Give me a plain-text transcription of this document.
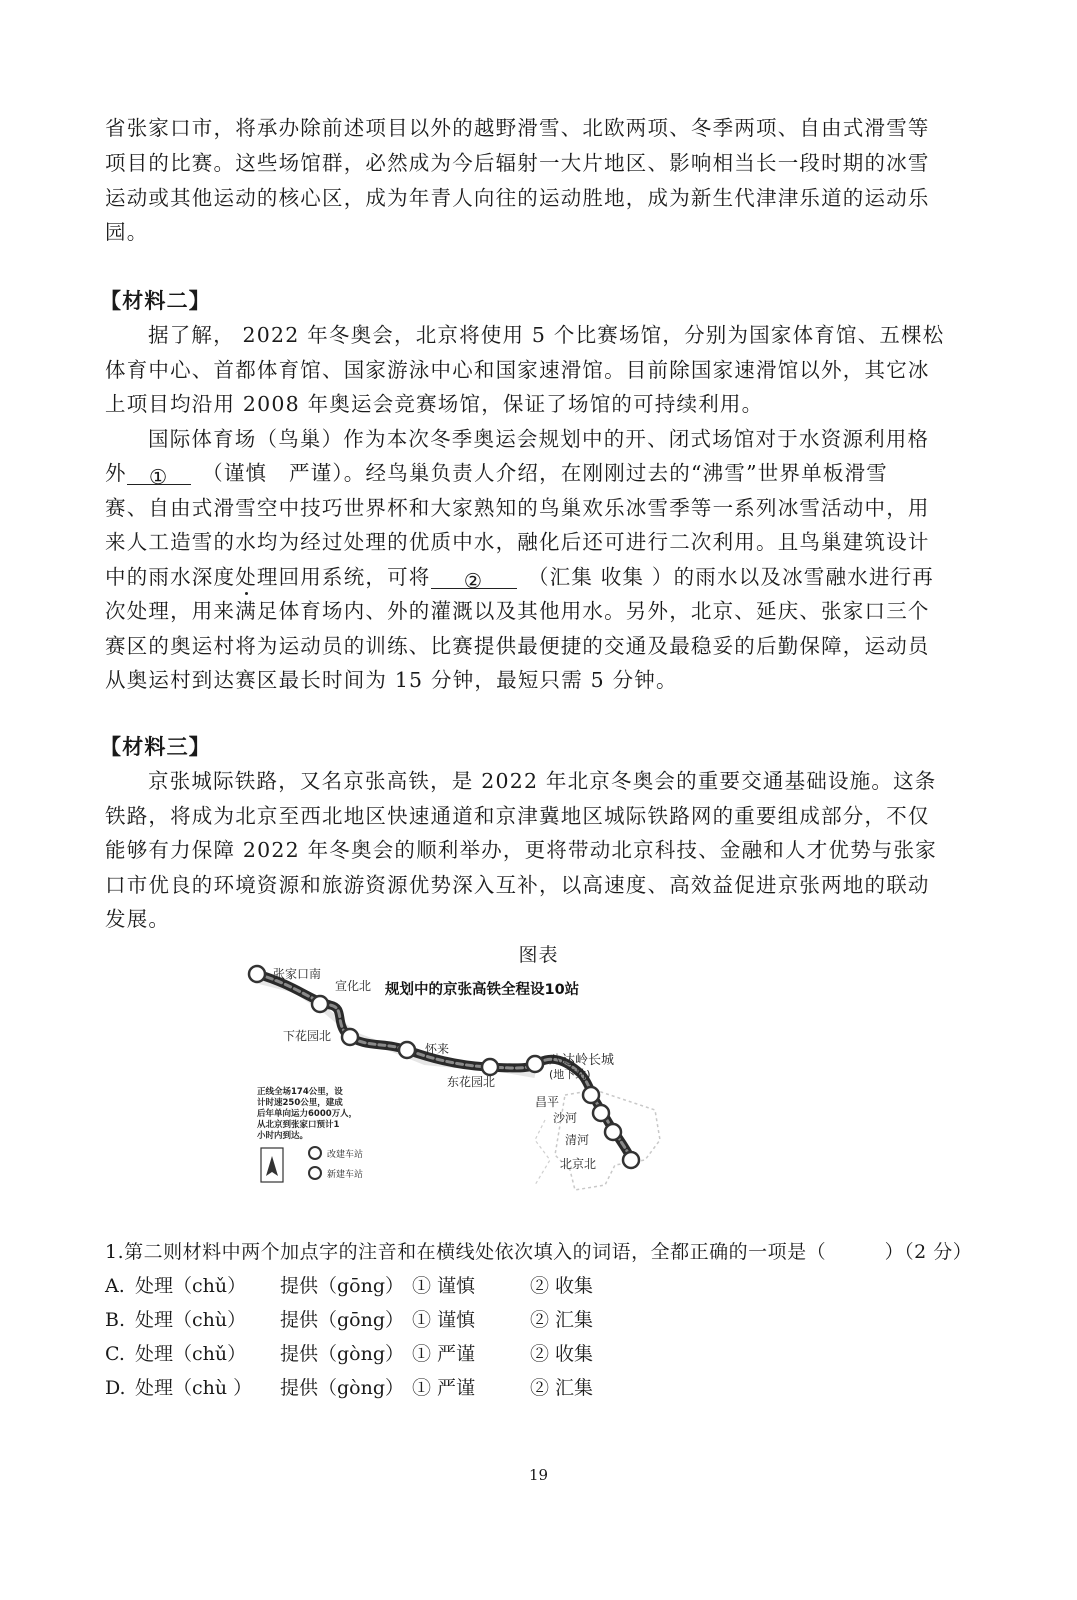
省张家口市，将承办除前述项目以外的越野滑雪、北欧两项、冬季两项、自由式滑雪等
项目的比赛。这些场馆群，必然成为今后辐射一大片地区、影响相当长一段时期的冰雪
运动或其他运动的核心区，成为年青人向往的运动胜地，成为新生代津津乐道的运动乐
园。
【材料二】
据了解， 2022 年冬奥会，北京将使用 5 个比赛场馆，分别为国家体育馆、五棵松
体育中心、首都体育馆、国家游泳中心和国家速滑馆。目前除国家速滑馆以外，其它冰
上项目均沿用 2008 年奥运会竞赛场馆，保证了场馆的可持续利用。
国际体育场（鸟巢）作为本次冬季奥运会规划中的开、闭式场馆对于水资源利用格
外 ①　 （谨慎　严谨）。经鸟巢负责人介绍，在刚刚过去的“沸雪”世界单板滑雪
赛、自由式滑雪空中技巧世界杯和大家熟知的鸟巢欢乐冰雪季等一系列冰雪活动中，用
来人工造雪的水均为经过处理的优质中水，融化后还可进行二次利用。且鸟巢建筑设计
中的雨水深度处理回用系统，可将 ②　	（汇集 收集 ）的雨水以及冰雪融水进行再
次处理，用来满足体育场内、外的灌溉以及其他用水。另外，北京、延庆、张家口三个
赛区的奥运村将为运动员的训练、比赛提供最便捷的交通及最稳妥的后勤保障，运动员
从奥运村到达赛区最长时间为 15 分钟，最短只需 5 分钟。
【材料三】
京张城际铁路，又名京张高铁，是 2022 年北京冬奥会的重要交通基础设施。这条
铁路，将成为北京至西北地区快速通道和京津冀地区城际铁路网的重要组成部分，不仅
能够有力保障 2022 年冬奥会的顺利举办，更将带动北京科技、金融和人才优势与张家
口市优良的环境资源和旅游资源优势深入互补，以高速度、高效益促进京张两地的联动
发展。
图表
张家口南
宣化北
下花园北
怀来
东花园北
八达岭长城
(地下站)
昌平
沙河
清河
北京北
规划中的京张高铁全程设10站
正线全场174公里，设
计时速250公里，建成
后年单向运力6000万人，
从北京到张家口预计1
小时内到达。
改建车站
新建车站
1.第二则材料中两个加点字的注音和在横线处依次填入的词语，全都正确的一项是（　　　）（2 分）
A. 处理（chǔ） 提供（gōng） ① 谨慎	② 收集
B. 处理（chù） 提供（gōng） ① 谨慎	② 汇集
C. 处理（chǔ） 提供（gòng） ① 严谨	② 收集
D. 处理（chù ） 提供（gòng） ① 严谨	② 汇集
19
